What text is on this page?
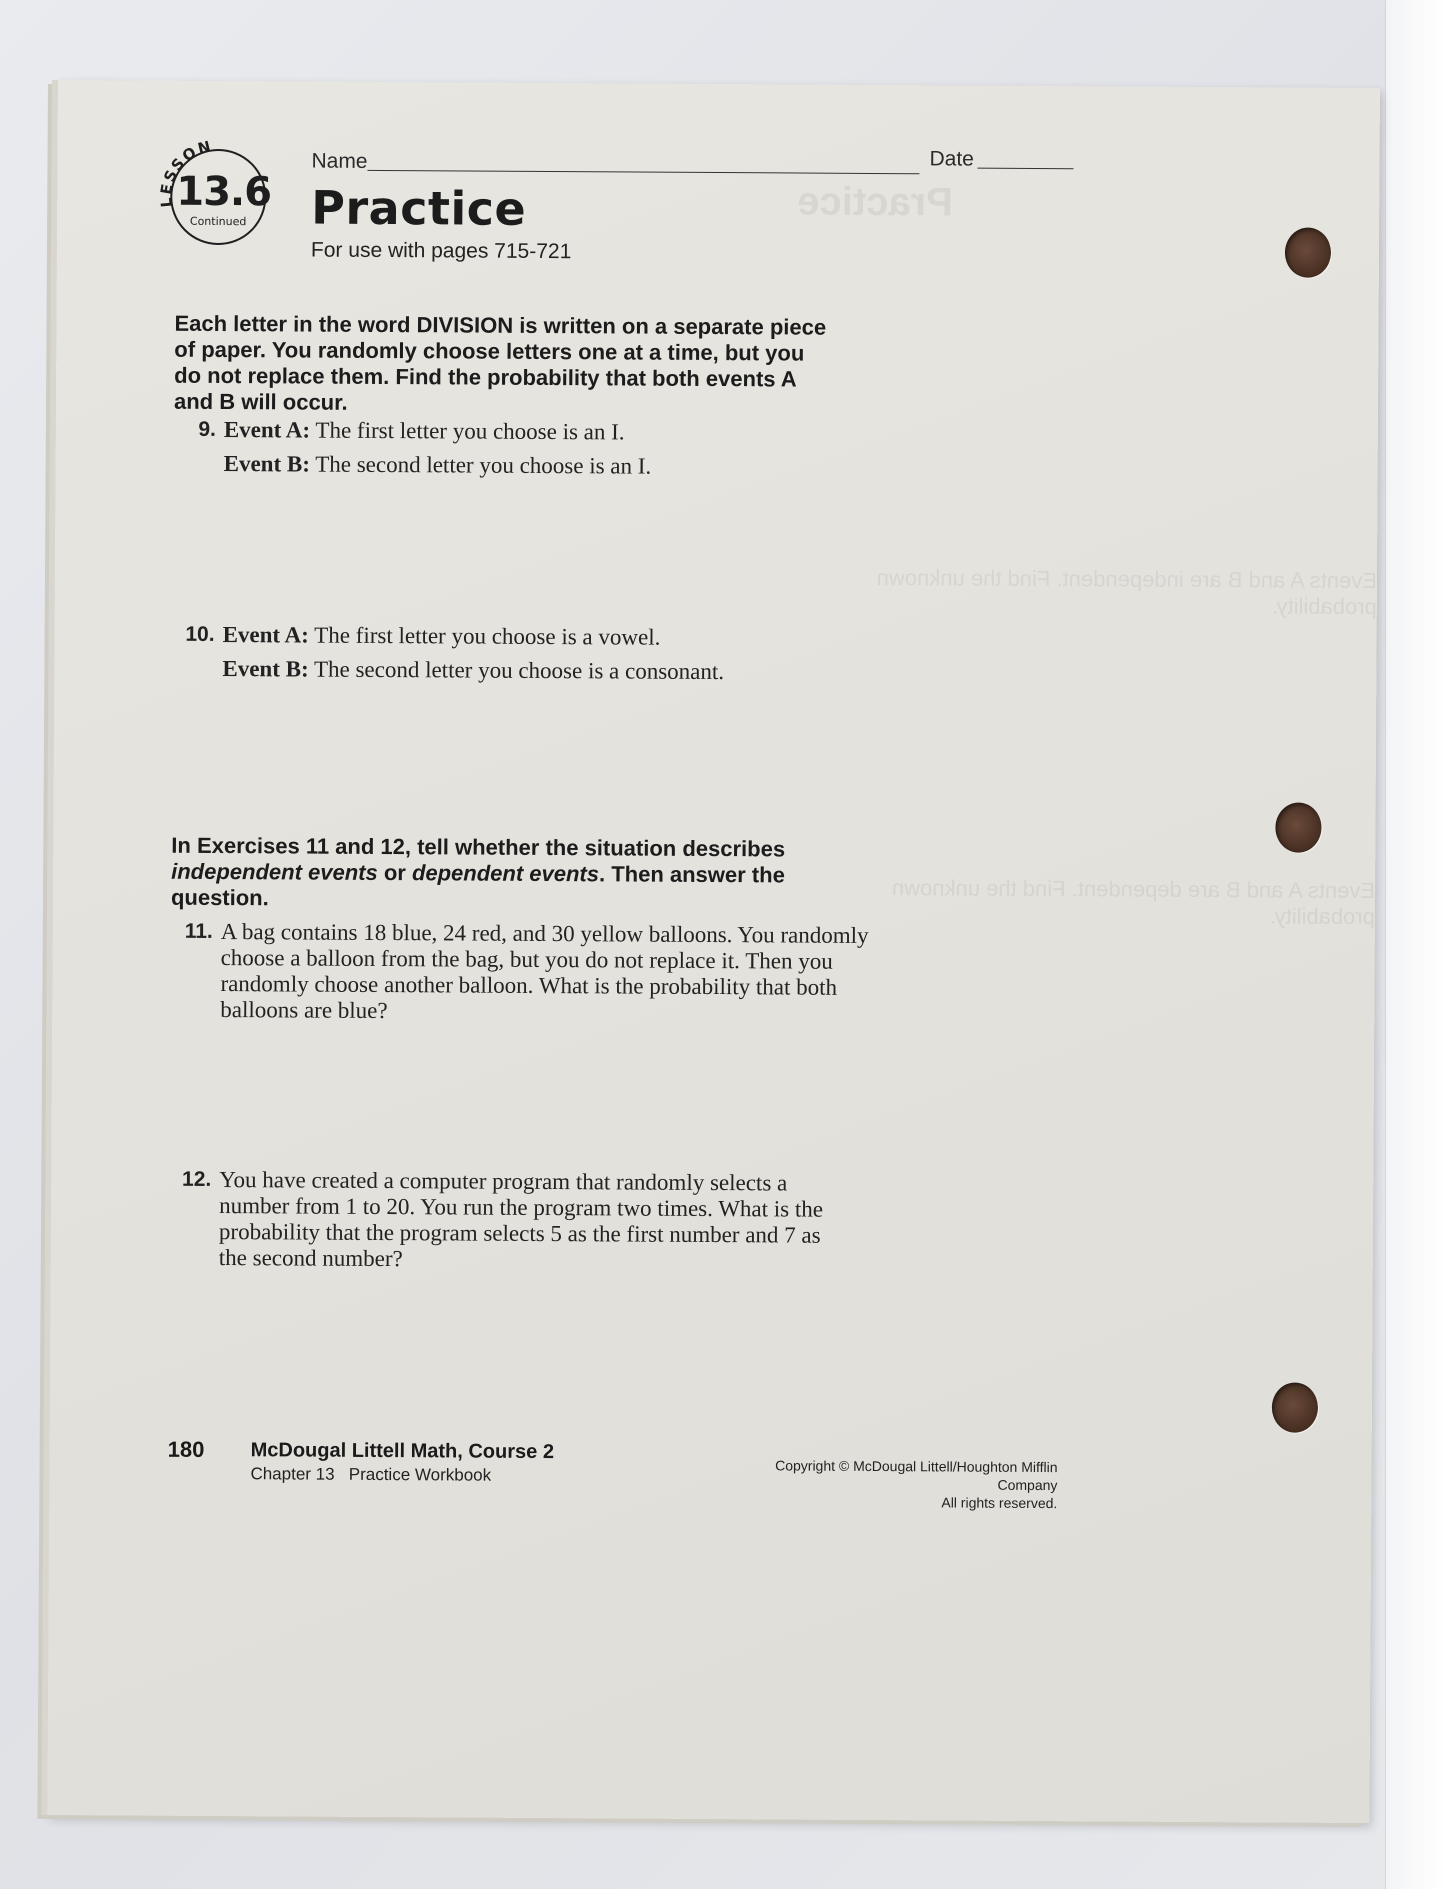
Practice
Events A and B are independent. Find the unknown probability.
Events A and B are dependent. Find the unknown probability.
LESSON
13.6
Continued
Name	Date
Practice
For use with pages 715-721
Each letter in the word DIVISION is written on a separate piece of paper. You randomly choose letters one at a time, but you do not replace them. Find the probability that both events A and B will occur.
9. Event A: The first letter you choose is an I.
Event B: The second letter you choose is an I.
10. Event A: The first letter you choose is a vowel.
Event B: The second letter you choose is a consonant.
In Exercises 11 and 12, tell whether the situation describes independent events or dependent events. Then answer the question.
11. A bag contains 18 blue, 24 red, and 30 yellow balloons. You randomly
choose a balloon from the bag, but you do not replace it. Then you
randomly choose another balloon. What is the probability that both
balloons are blue?
12. You have created a computer program that randomly selects a
number from 1 to 20. You run the program two times. What is the
probability that the program selects 5 as the first number and 7 as
the second number?
180 McDougal Littell Math, Course 2
Chapter 13 Practice Workbook	Copyright © McDougal Littell/Houghton Mifflin Company
All rights reserved.
